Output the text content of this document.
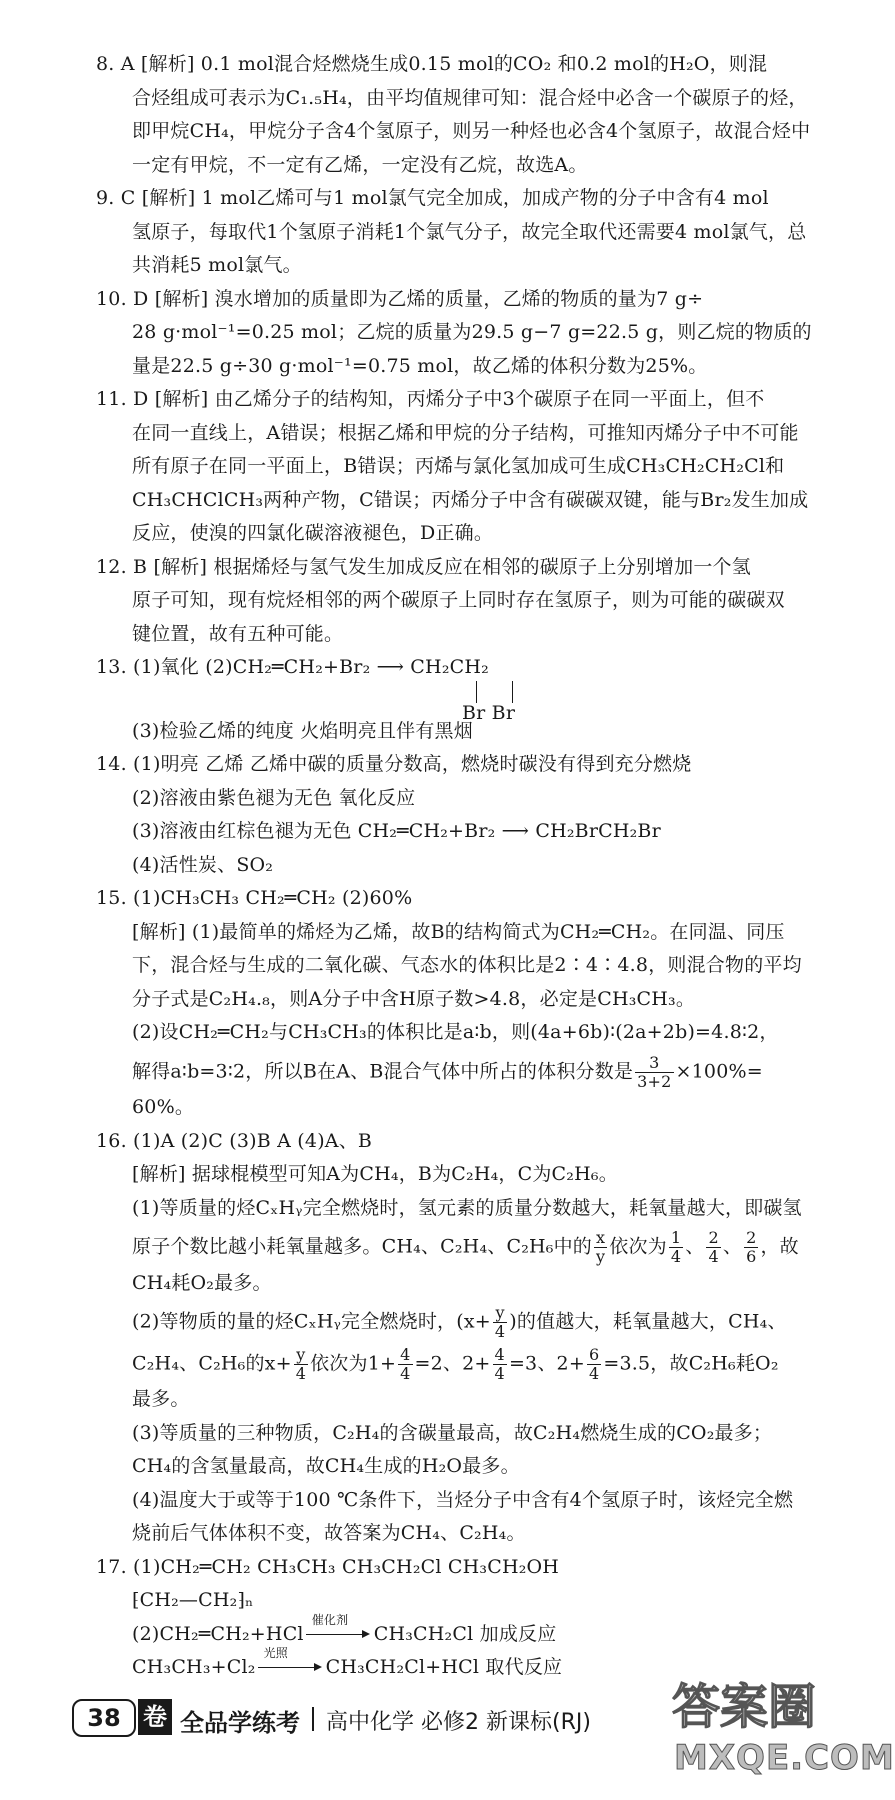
8. A [解析] 0.1 mol混合烃燃烧生成0.15 mol的CO₂ 和0.2 mol的H₂O，则混
合烃组成可表示为C₁.₅H₄，由平均值规律可知：混合烃中必含一个碳原子的烃，
即甲烷CH₄，甲烷分子含4个氢原子，则另一种烃也必含4个氢原子，故混合烃中
一定有甲烷，不一定有乙烯，一定没有乙烷，故选A。
9. C [解析] 1 mol乙烯可与1 mol氯气完全加成，加成产物的分子中含有4 mol
氢原子，每取代1个氢原子消耗1个氯气分子，故完全取代还需要4 mol氯气，总
共消耗5 mol氯气。
10. D [解析] 溴水增加的质量即为乙烯的质量，乙烯的物质的量为7 g÷
28 g·mol⁻¹=0.25 mol；乙烷的质量为29.5 g−7 g=22.5 g，则乙烷的物质的
量是22.5 g÷30 g·mol⁻¹=0.75 mol，故乙烯的体积分数为25%。
11. D [解析] 由乙烯分子的结构知，丙烯分子中3个碳原子在同一平面上，但不
在同一直线上，A错误；根据乙烯和甲烷的分子结构，可推知丙烯分子中不可能
所有原子在同一平面上，B错误；丙烯与氯化氢加成可生成CH₃CH₂CH₂Cl和
CH₃CHClCH₃两种产物，C错误；丙烯分子中含有碳碳双键，能与Br₂发生加成
反应，使溴的四氯化碳溶液褪色，D正确。
12. B [解析] 根据烯烃与氢气发生加成反应在相邻的碳原子上分别增加一个氢
原子可知，现有烷烃相邻的两个碳原子上同时存在氢原子，则为可能的碳碳双
键位置，故有五种可能。
13. (1)氧化 (2)CH₂═CH₂+Br₂ ⟶ CH₂CH₂
Br Br
(3)检验乙烯的纯度 火焰明亮且伴有黑烟
14. (1)明亮 乙烯 乙烯中碳的质量分数高，燃烧时碳没有得到充分燃烧
(2)溶液由紫色褪为无色 氧化反应
(3)溶液由红棕色褪为无色 CH₂═CH₂+Br₂ ⟶ CH₂BrCH₂Br
(4)活性炭、SO₂
15. (1)CH₃CH₃ CH₂═CH₂ (2)60%
[解析] (1)最简单的烯烃为乙烯，故B的结构简式为CH₂═CH₂。在同温、同压
下，混合烃与生成的二氧化碳、气态水的体积比是2∶4∶4.8，则混合物的平均
分子式是C₂H₄.₈，则A分子中含H原子数>4.8，必定是CH₃CH₃。
(2)设CH₂═CH₂与CH₃CH₃的体积比是a∶b，则(4a+6b)∶(2a+2b)=4.8∶2，
解得a∶b=3∶2，所以B在A、B混合气体中所占的体积分数是 $\frac{3}{3+2} \times 100\%=$
60%。
16. (1)A (2)C (3)B A (4)A、B
[解析] 据球棍模型可知A为CH₄，B为C₂H₄，C为C₂H₆。
(1)等质量的烃CₓHᵧ完全燃烧时，氢元素的质量分数越大，耗氧量越大，即碳氢
原子个数比越小耗氧量越多。CH₄、C₂H₄、C₂H₆中的 $\frac{x}{y}$ 依次为 $\frac{1}{4}$ 、 $\frac{2}{4}$ 、 $\frac{2}{6}$ ，故
CH₄耗O₂最多。
(2)等物质的量的烃CₓHᵧ完全燃烧时，($x+ \frac{y}{4}$ )的值越大，耗氧量越大，CH₄、
C₂H₄、C₂H₆的$x+ \frac{y}{4}$ 依次为$1+ \frac{4}{4} =2$、$2+ \frac{4}{4} =3$、$2+ \frac{6}{4} =3.5$，故C₂H₆耗O₂
最多。
(3)等质量的三种物质，C₂H₄的含碳量最高，故C₂H₄燃烧生成的CO₂最多；
CH₄的含氢量最高，故CH₄生成的H₂O最多。
(4)温度大于或等于100 ℃条件下，当烃分子中含有4个氢原子时，该烃完全燃
烧前后气体体积不变，故答案为CH₄、C₂H₄。
17. (1)CH₂═CH₂ CH₃CH₃ CH₃CH₂Cl CH₃CH₂OH
⁅CH₂—CH₂⁆ₙ
(2)CH₂═CH₂+HCl
催化剂
CH₃CH₂Cl 加成反应
CH₃CH₃+Cl₂
光照
CH₃CH₂Cl+HCl 取代反应
38 卷 全品学练考 高中化学 必修2 新课标(RJ) 答案圈
MXQE.COM
